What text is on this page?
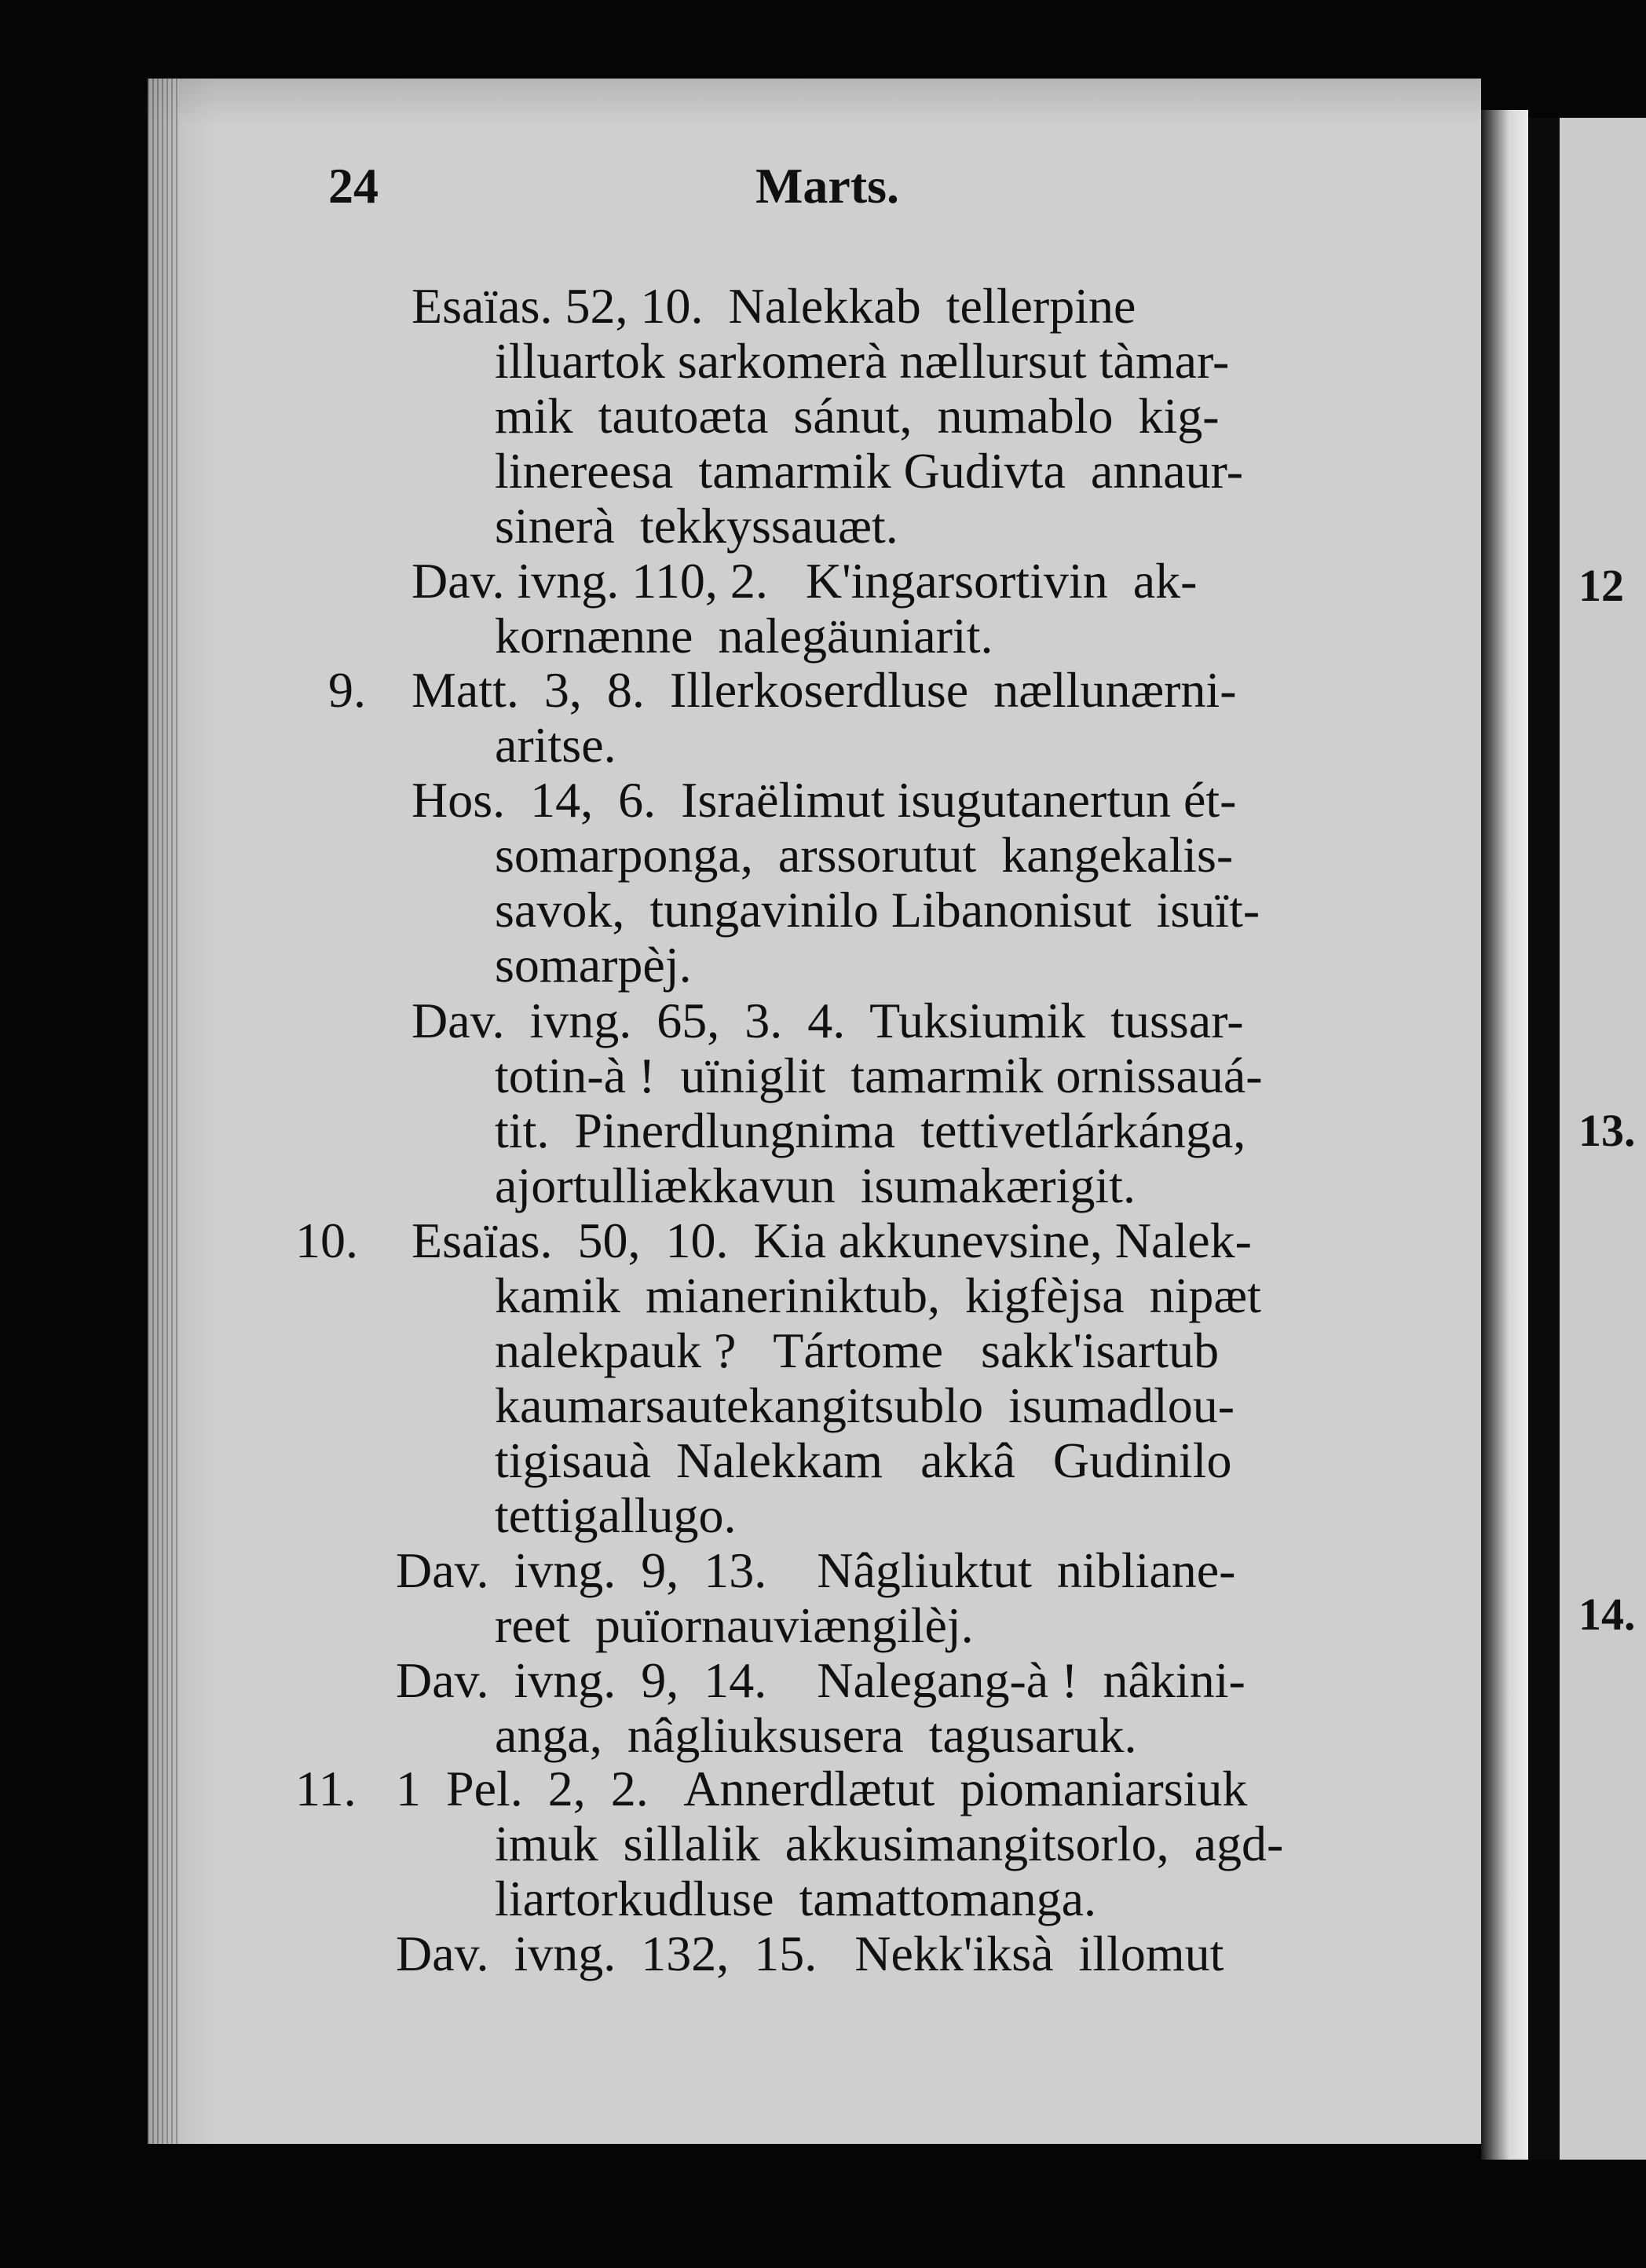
12
13.
14.
24	Marts.
9.
10.
11.
Esaïas. 52, 10.  Nalekkab  tellerpine
illuartok sarkomerà nællursut tàmar-
mik  tautoæta  sánut,  numablo  kig-
linereesa  tamarmik Gudivta  annaur-
sinerà  tekkyssauæt.
Dav. ivng. 110, 2.   K'ingarsortivin  ak-
kornænne  nalegäuniarit.
Matt.  3,  8.  Illerkoserdluse  nællunærni-
aritse.
Hos.  14,  6.  Israëlimut isugutanertun ét-
somarponga,  arssorutut  kangekalis-
savok,  tungavinilo Libanonisut  isuït-
somarpèj.
Dav.  ivng.  65,  3.  4.  Tuksiumik  tussar-
totin-à !  uïniglit  tamarmik ornissauá-
tit.  Pinerdlungnima  tettivetlárkánga,
ajortulliækkavun  isumakærigit.
Esaïas.  50,  10.  Kia akkunevsine, Nalek-
kamik  mianeriniktub,  kigfèjsa  nipæt
nalekpauk ?   Tártome   sakk'isartub
kaumarsautekangitsublo  isumadlou-
tigisauà  Nalekkam   akkâ   Gudinilo
tettigallugo.
Dav.  ivng.  9,  13.    Nâgliuktut  nibliane-
reet  puïornauviængilèj.
Dav.  ivng.  9,  14.    Nalegang-à !  nâkini-
anga,  nâgliuksusera  tagusaruk.
1  Pel.  2,  2.   Annerdlætut  piomaniarsiuk
imuk  sillalik  akkusimangitsorlo,  agd-
liartorkudluse  tamattomanga.
Dav.  ivng.  132,  15.   Nekk'iksà  illomut
